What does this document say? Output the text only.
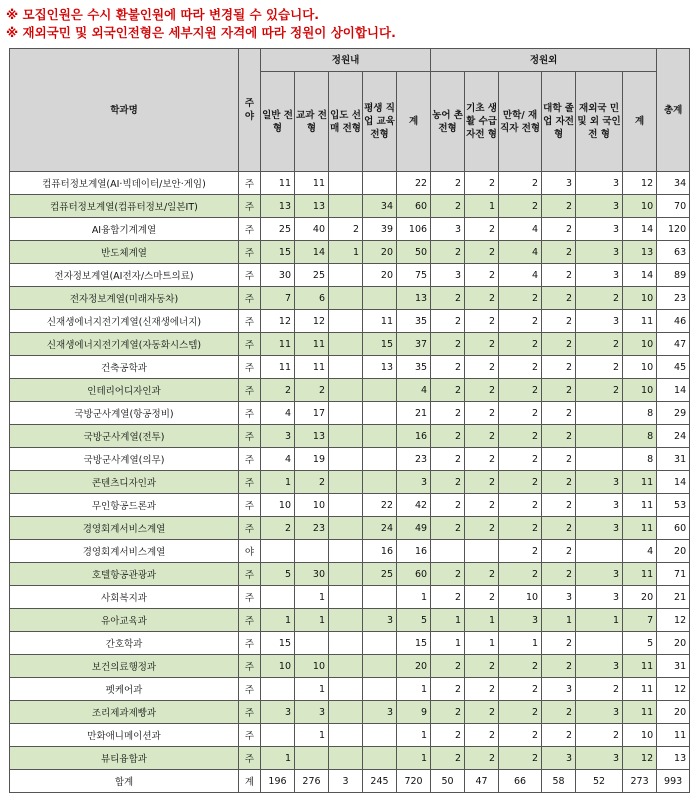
※ 모집인원은 수시 환불인원에 따라 변경될 수 있습니다.
※ 재외국민 및 외국인전형은 세부지원 자격에 따라 정원이 상이합니다.
학과명	주 야	정원내					정원외						총계
		일반 전형	교과 전형	입도 선매 전형	평생 직업 교육 전형	계	농어 촌 전형	기초 생활 수급 자전 형	만학/ 재직자 전형	대학 졸업 자전 형	재외국 민 및 외 국인전 형	계	
컴퓨터정보계열(AI·빅데이터/보안·게임)	주	11	11			22	2	2	2	3	3	12	34
컴퓨터정보계열(컴퓨터정보/일본IT)	주	13	13		34	60	2	1	2	2	3	10	70
AI융합기계계열	주	25	40	2	39	106	3	2	4	2	3	14	120
반도체계열	주	15	14	1	20	50	2	2	4	2	3	13	63
전자정보계열(AI전자/스마트의료)	주	30	25		20	75	3	2	4	2	3	14	89
전자정보계열(미래자동차)	주	7	6			13	2	2	2	2	2	10	23
신재생에너지전기계열(신재생에너지)	주	12	12		11	35	2	2	2	2	3	11	46
신재생에너지전기계열(자동화시스템)	주	11	11		15	37	2	2	2	2	2	10	47
건축공학과	주	11	11		13	35	2	2	2	2	2	10	45
인테리어디자인과	주	2	2			4	2	2	2	2	2	10	14
국방군사계열(항공정비)	주	4	17			21	2	2	2	2		8	29
국방군사계열(전투)	주	3	13			16	2	2	2	2		8	24
국방군사계열(의무)	주	4	19			23	2	2	2	2		8	31
콘텐츠디자인과	주	1	2			3	2	2	2	2	3	11	14
무인항공드론과	주	10	10		22	42	2	2	2	2	3	11	53
경영회계서비스계열	주	2	23		24	49	2	2	2	2	3	11	60
경영회계서비스계열	야				16	16			2	2		4	20
호텔항공관광과	주	5	30		25	60	2	2	2	2	3	11	71
사회복지과	주		1			1	2	2	10	3	3	20	21
유아교육과	주	1	1		3	5	1	1	3	1	1	7	12
간호학과	주	15				15	1	1	1	2		5	20
보건의료행정과	주	10	10			20	2	2	2	2	3	11	31
펫케어과	주		1			1	2	2	2	3	2	11	12
조리제과제빵과	주	3	3		3	9	2	2	2	2	3	11	20
만화애니메이션과	주		1			1	2	2	2	2	2	10	11
뷰티융합과	주	1				1	2	2	2	3	3	12	13
합계	계	196	276	3	245	720	50	47	66	58	52	273	993
